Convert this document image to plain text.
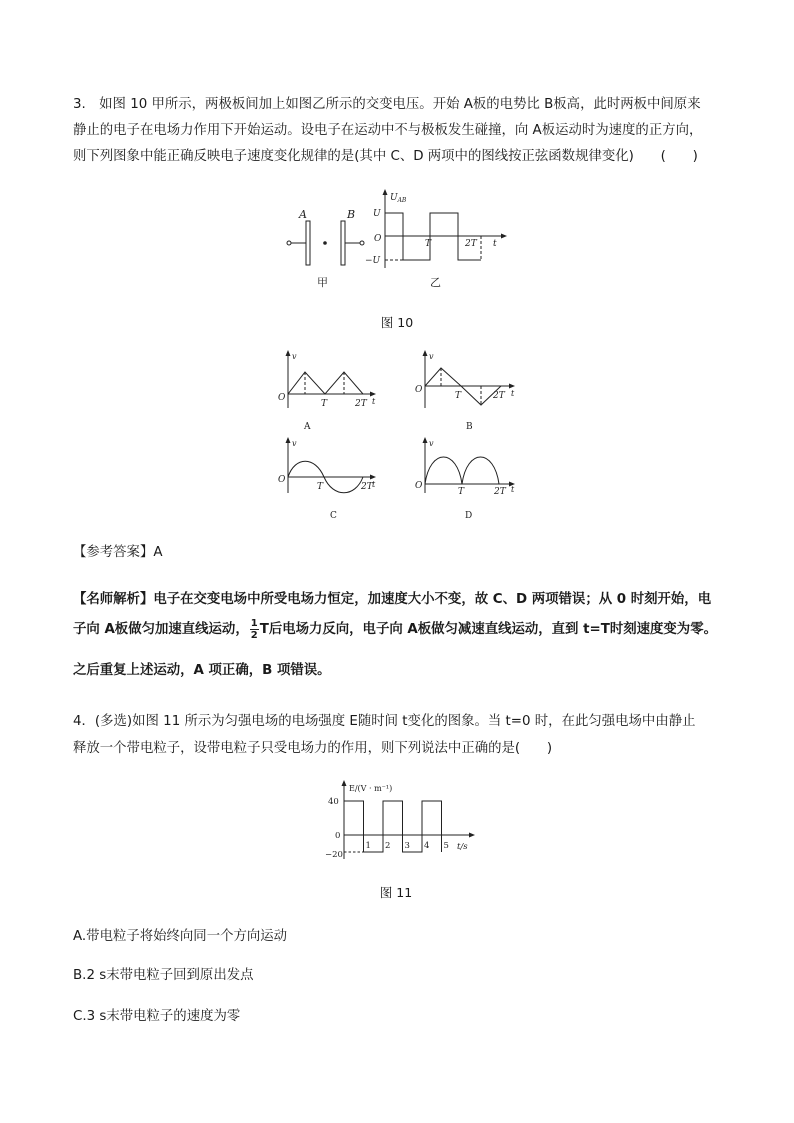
3.　如图 10 甲所示，两极板间加上如图乙所示的交变电压。开始 A板的电势比 B板高，此时两板中间原来

静止的电子在电场力作用下开始运动。设电子在运动中不与极板发生碰撞，向 A板运动时为速度的正方向，

则下列图象中能正确反映电子速度变化规律的是(其中 C、D 两项中的图线按正弦函数规律变化)　　(　　)

A	B
甲
$U_{AB}$
U
O
−U
T	2T t
乙
图 10
v
O
T	2T t
A
v
O
T	2T t
B
v
O
T	2T t
C
v
O
T	2T t
D
【参考答案】A

【名师解析】电子在交变电场中所受电场力恒定，加速度大小不变，故 C、D 两项错误；从 0 时刻开始，电

子向 A板做匀加速直线运动， $\frac{1}{2}$ T后电场力反向，电子向 A板做匀减速直线运动，直到 t=T时刻速度变为零。

之后重复上述运动，A 项正确，B 项错误。

4．(多选)如图 11 所示为匀强电场的电场强度 E随时间 t变化的图象。当 t=0 时，在此匀强电场中由静止

释放一个带电粒子，设带电粒子只受电场力的作用，则下列说法中正确的是(　　)

E/(V · m⁻¹)
40
0
−20
t/s
1 2 3 4 5
图 11
A.带电粒子将始终向同一个方向运动
B.2 s末带电粒子回到原出发点
C.3 s末带电粒子的速度为零
